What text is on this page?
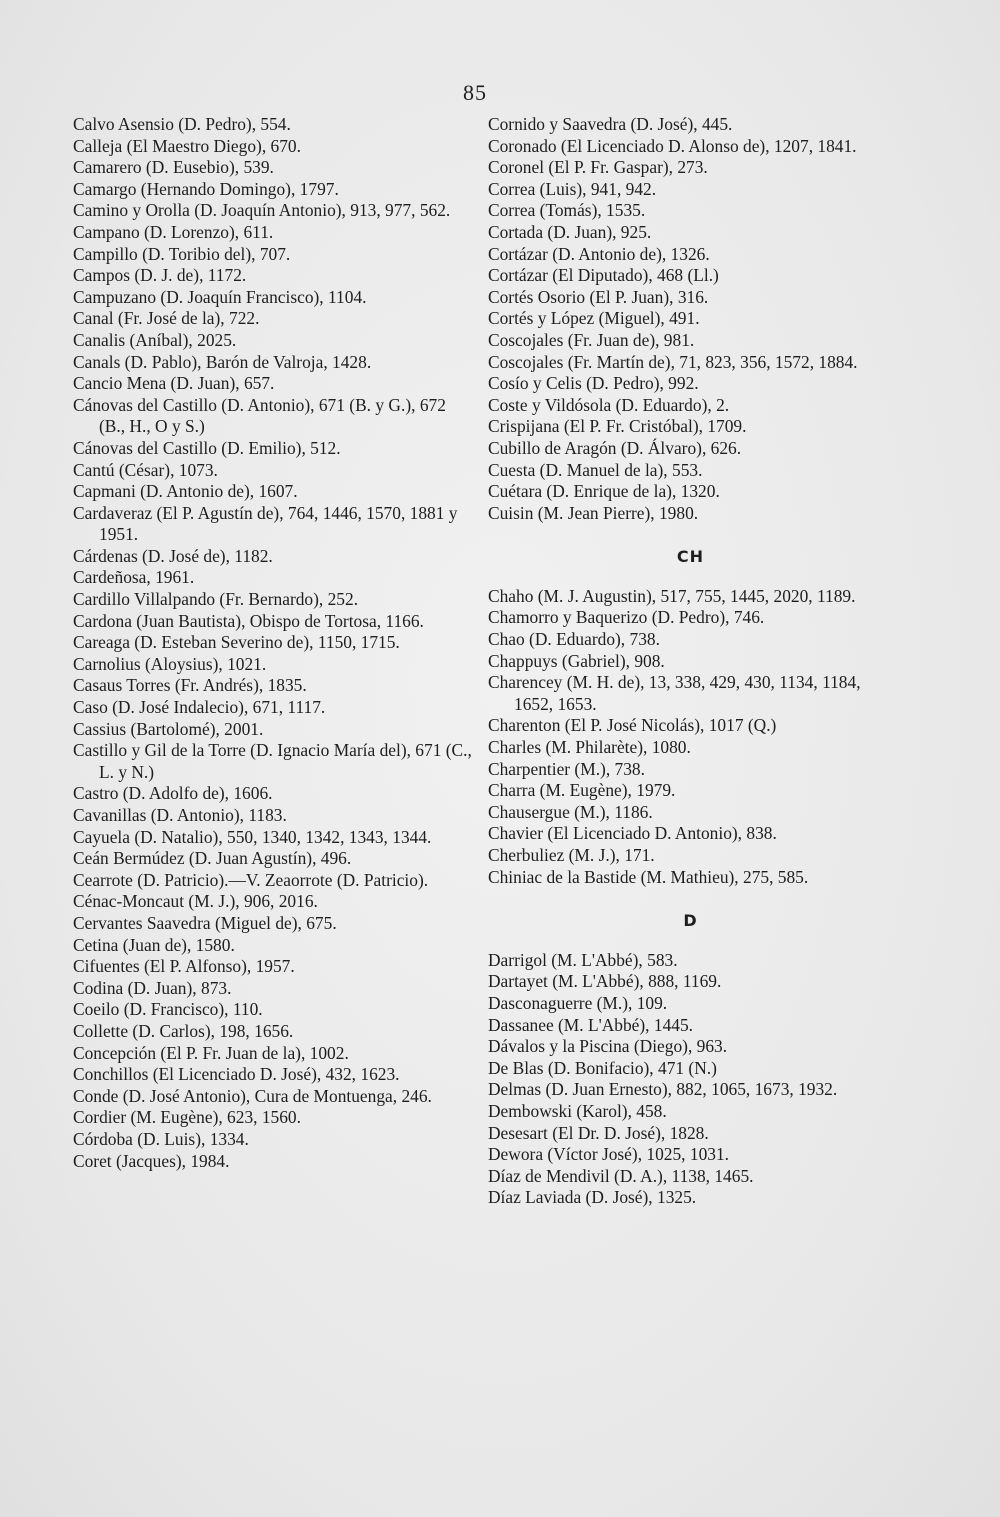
85

Calvo Asensio (D. Pedro), 554.

Calleja (El Maestro Diego), 670.

Camarero (D. Eusebio), 539.

Camargo (Hernando Domingo), 1797.

Camino y Orolla (D. Joaquín Antonio), 913, 977, 562.

Campano (D. Lorenzo), 611.

Campillo (D. Toribio del), 707.

Campos (D. J. de), 1172.

Campuzano (D. Joaquín Francisco), 1104.

Canal (Fr. José de la), 722.

Canalis (Aníbal), 2025.

Canals (D. Pablo), Barón de Valroja, 1428.

Cancio Mena (D. Juan), 657.

Cánovas del Castillo (D. Antonio), 671 (B. y G.), 672 (B., H., O y S.)

Cánovas del Castillo (D. Emilio), 512.

Cantú (César), 1073.

Capmani (D. Antonio de), 1607.

Cardaveraz (El P. Agustín de), 764, 1446, 1570, 1881 y 1951.

Cárdenas (D. José de), 1182.

Cardeñosa, 1961.

Cardillo Villalpando (Fr. Bernardo), 252.

Cardona (Juan Bautista), Obispo de Tortosa, 1166.

Careaga (D. Esteban Severino de), 1150, 1715.

Carnolius (Aloysius), 1021.

Casaus Torres (Fr. Andrés), 1835.

Caso (D. José Indalecio), 671, 1117.

Cassius (Bartolomé), 2001.

Castillo y Gil de la Torre (D. Ignacio María del), 671 (C., L. y N.)

Castro (D. Adolfo de), 1606.

Cavanillas (D. Antonio), 1183.

Cayuela (D. Natalio), 550, 1340, 1342, 1343, 1344.

Ceán Bermúdez (D. Juan Agustín), 496.

Cearrote (D. Patricio).—V. Zeaorrote (D. Patricio).

Cénac-Moncaut (M. J.), 906, 2016.

Cervantes Saavedra (Miguel de), 675.

Cetina (Juan de), 1580.

Cifuentes (El P. Alfonso), 1957.

Codina (D. Juan), 873.

Coeilo (D. Francisco), 110.

Collette (D. Carlos), 198, 1656.

Concepción (El P. Fr. Juan de la), 1002.

Conchillos (El Licenciado D. José), 432, 1623.

Conde (D. José Antonio), Cura de Montuenga, 246.

Cordier (M. Eugène), 623, 1560.

Córdoba (D. Luis), 1334.

Coret (Jacques), 1984.

Cornido y Saavedra (D. José), 445.

Coronado (El Licenciado D. Alonso de), 1207, 1841.

Coronel (El P. Fr. Gaspar), 273.

Correa (Luis), 941, 942.

Correa (Tomás), 1535.

Cortada (D. Juan), 925.

Cortázar (D. Antonio de), 1326.

Cortázar (El Diputado), 468 (Ll.)

Cortés Osorio (El P. Juan), 316.

Cortés y López (Miguel), 491.

Coscojales (Fr. Juan de), 981.

Coscojales (Fr. Martín de), 71, 823, 356, 1572, 1884.

Cosío y Celis (D. Pedro), 992.

Coste y Vildósola (D. Eduardo), 2.

Crispijana (El P. Fr. Cristóbal), 1709.

Cubillo de Aragón (D. Álvaro), 626.

Cuesta (D. Manuel de la), 553.

Cuétara (D. Enrique de la), 1320.

Cuisin (M. Jean Pierre), 1980.

CH

Chaho (M. J. Augustin), 517, 755, 1445, 2020, 1189.

Chamorro y Baquerizo (D. Pedro), 746.

Chao (D. Eduardo), 738.

Chappuys (Gabriel), 908.

Charencey (M. H. de), 13, 338, 429, 430, 1134, 1184, 1652, 1653.

Charenton (El P. José Nicolás), 1017 (Q.)

Charles (M. Philarète), 1080.

Charpentier (M.), 738.

Charra (M. Eugène), 1979.

Chausergue (M.), 1186.

Chavier (El Licenciado D. Antonio), 838.

Cherbuliez (M. J.), 171.

Chiniac de la Bastide (M. Mathieu), 275, 585.

D

Darrigol (M. L'Abbé), 583.

Dartayet (M. L'Abbé), 888, 1169.

Dasconaguerre (M.), 109.

Dassanee (M. L'Abbé), 1445.

Dávalos y la Piscina (Diego), 963.

De Blas (D. Bonifacio), 471 (N.)

Delmas (D. Juan Ernesto), 882, 1065, 1673, 1932.

Dembowski (Karol), 458.

Desesart (El Dr. D. José), 1828.

Dewora (Víctor José), 1025, 1031.

Díaz de Mendivil (D. A.), 1138, 1465.

Díaz Laviada (D. José), 1325.
